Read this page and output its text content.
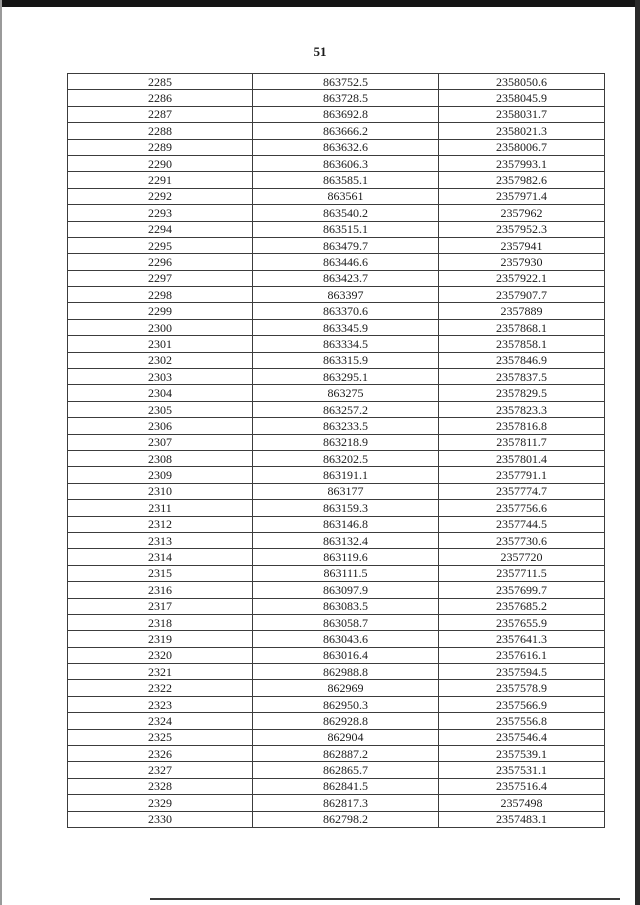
51
2285	863752.5	2358050.6
2286	863728.5	2358045.9
2287	863692.8	2358031.7
2288	863666.2	2358021.3
2289	863632.6	2358006.7
2290	863606.3	2357993.1
2291	863585.1	2357982.6
2292	863561	2357971.4
2293	863540.2	2357962
2294	863515.1	2357952.3
2295	863479.7	2357941
2296	863446.6	2357930
2297	863423.7	2357922.1
2298	863397	2357907.7
2299	863370.6	2357889
2300	863345.9	2357868.1
2301	863334.5	2357858.1
2302	863315.9	2357846.9
2303	863295.1	2357837.5
2304	863275	2357829.5
2305	863257.2	2357823.3
2306	863233.5	2357816.8
2307	863218.9	2357811.7
2308	863202.5	2357801.4
2309	863191.1	2357791.1
2310	863177	2357774.7
2311	863159.3	2357756.6
2312	863146.8	2357744.5
2313	863132.4	2357730.6
2314	863119.6	2357720
2315	863111.5	2357711.5
2316	863097.9	2357699.7
2317	863083.5	2357685.2
2318	863058.7	2357655.9
2319	863043.6	2357641.3
2320	863016.4	2357616.1
2321	862988.8	2357594.5
2322	862969	2357578.9
2323	862950.3	2357566.9
2324	862928.8	2357556.8
2325	862904	2357546.4
2326	862887.2	2357539.1
2327	862865.7	2357531.1
2328	862841.5	2357516.4
2329	862817.3	2357498
2330	862798.2	2357483.1
